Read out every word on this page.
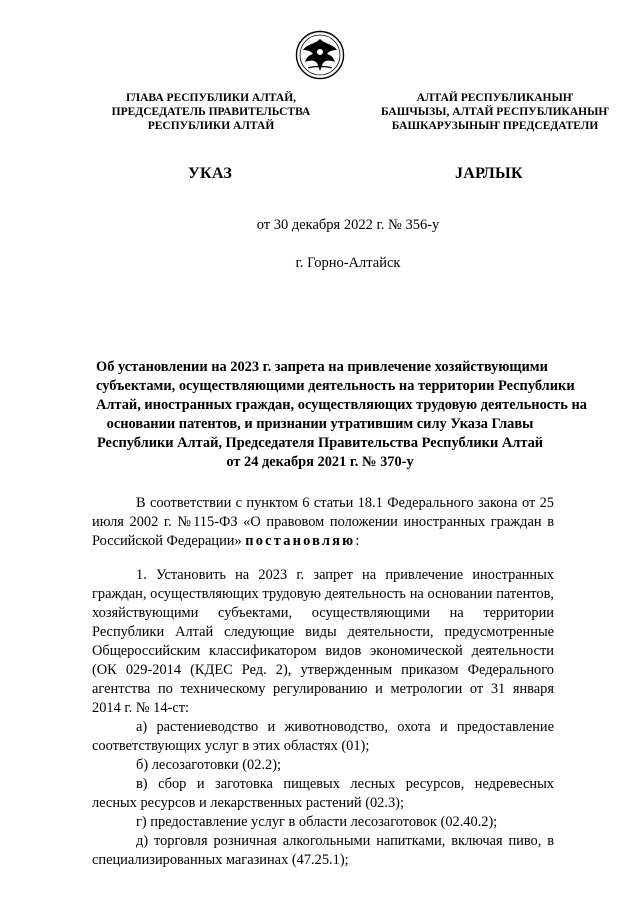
ГЛАВА РЕСПУБЛИКИ АЛТАЙ,
ПРЕДСЕДАТЕЛЬ ПРАВИТЕЛЬСТВА
РЕСПУБЛИКИ АЛТАЙ
АЛТАЙ РЕСПУБЛИКАНЫҤ
БАШЧЫЗЫ, АЛТАЙ РЕСПУБЛИКАНЫҤ
БАШКАРУЗЫНЫҤ ПРЕДСЕДАТЕЛИ
УКАЗ	JАРЛЫК
от 30 декабря 2022 г. № 356-у
г. Горно-Алтайск
Об установлении на 2023 г. запрета на привлечение хозяйствующими
субъектами, осуществляющими деятельность на территории Республики
Алтай, иностранных граждан, осуществляющих трудовую деятельность на
основании патентов, и признании утратившим силу Указа Главы
Республики Алтай, Председателя Правительства Республики Алтай
от 24 декабря 2021 г. № 370-у

В соответствии с пунктом 6 статьи 18.1 Федерального закона от 25 июля 2002 г. №115-ФЗ «О правовом положении иностранных граждан в Российской Федерации» постановляю:

1. Установить на 2023 г. запрет на привлечение иностранных граждан, осуществляющих трудовую деятельность на основании патентов, хозяйствующими субъектами, осуществляющими на территории Республики Алтай следующие виды деятельности, предусмотренные Общероссийским классификатором видов экономической деятельности (ОК 029-2014 (КДЕС Ред. 2), утвержденным приказом Федерального агентства по техническому регулированию и метрологии от 31 января 2014 г. № 14-ст:

а) растениеводство и животноводство, охота и предоставление соответствующих услуг в этих областях (01);

б) лесозаготовки (02.2);

в) сбор и заготовка пищевых лесных ресурсов, недревесных лесных ресурсов и лекарственных растений (02.3);

г) предоставление услуг в области лесозаготовок (02.40.2);

д) торговля розничная алкогольными напитками, включая пиво, в специализированных магазинах (47.25.1);
